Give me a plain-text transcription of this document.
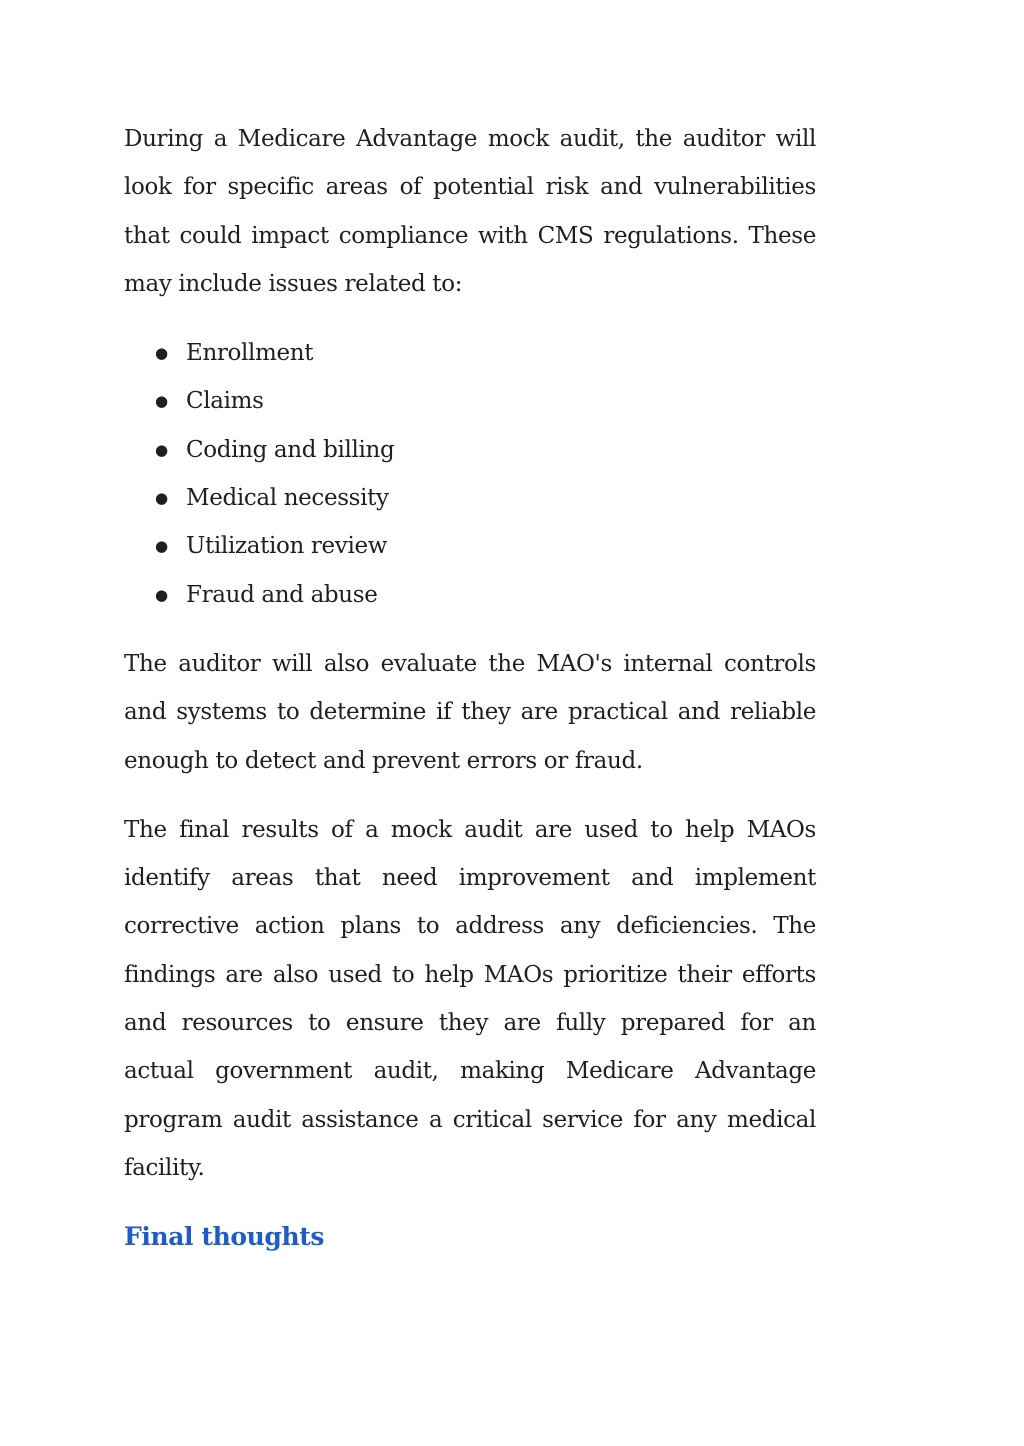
During a Medicare Advantage mock audit, the auditor will look for specific areas of potential risk and vulnerabilities that could impact compliance with CMS regulations. These may include issues related to:

● Enrollment
● Claims
● Coding and billing
● Medical necessity
● Utilization review
● Fraud and abuse

The auditor will also evaluate the MAO's internal controls and systems to determine if they are practical and reliable enough to detect and prevent errors or fraud.

The final results of a mock audit are used to help MAOs identify areas that need improvement and implement corrective action plans to address any deficiencies. The findings are also used to help MAOs prioritize their efforts and resources to ensure they are fully prepared for an actual government audit, making Medicare Advantage program audit assistance a critical service for any medical facility.

Final thoughts
